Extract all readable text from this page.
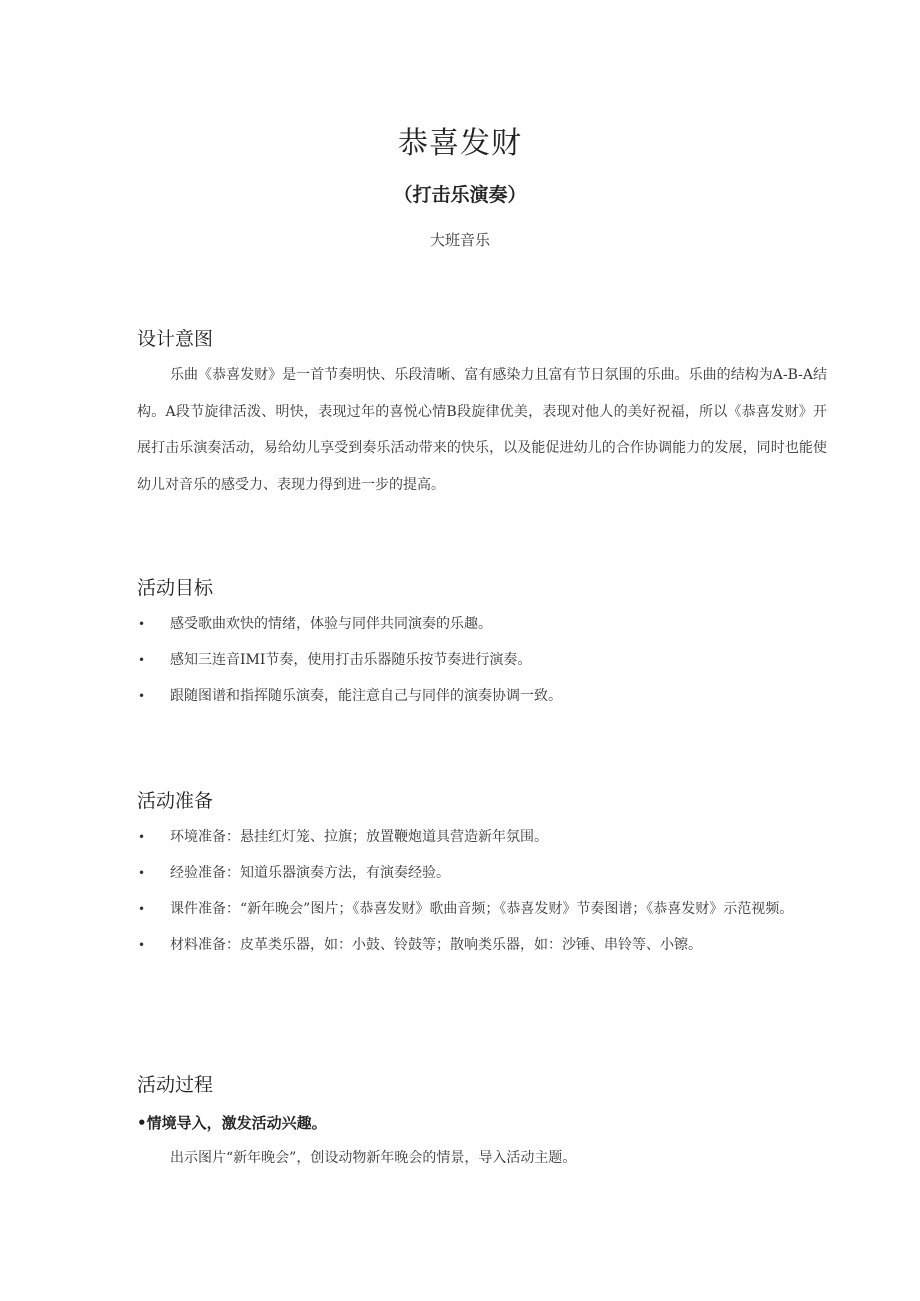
恭喜发财
（打击乐演奏）
大班音乐
设计意图

乐曲《恭喜发财》是一首节奏明快、乐段清晰、富有感染力且富有节日氛围的乐曲。乐曲的结构为A-B-A结构。A段节旋律活泼、明快，表现过年的喜悦心情B段旋律优美，表现对他人的美好祝福，所以《恭喜发财》开展打击乐演奏活动，易给幼儿享受到奏乐活动带来的快乐，以及能促进幼儿的合作协调能力的发展，同时也能使幼儿对音乐的感受力、表现力得到进一步的提高。

活动目标
• 感受歌曲欢快的情绪，体验与同伴共同演奏的乐趣。
• 感知三连音IMI节奏，使用打击乐器随乐按节奏进行演奏。
• 跟随图谱和指挥随乐演奏，能注意自己与同伴的演奏协调一致。
活动准备
• 环境准备：悬挂红灯笼、拉旗；放置鞭炮道具营造新年氛围。
• 经验准备：知道乐器演奏方法，有演奏经验。
• 课件准备：“新年晚会”图片；《恭喜发财》歌曲音频；《恭喜发财》节奏图谱；《恭喜发财》示范视频。
• 材料准备：皮革类乐器，如：小鼓、铃鼓等；散响类乐器，如：沙锤、串铃等、小镲。
活动过程
•情境导入，激发活动兴趣。
出示图片“新年晚会”，创设动物新年晚会的情景，导入活动主题。
